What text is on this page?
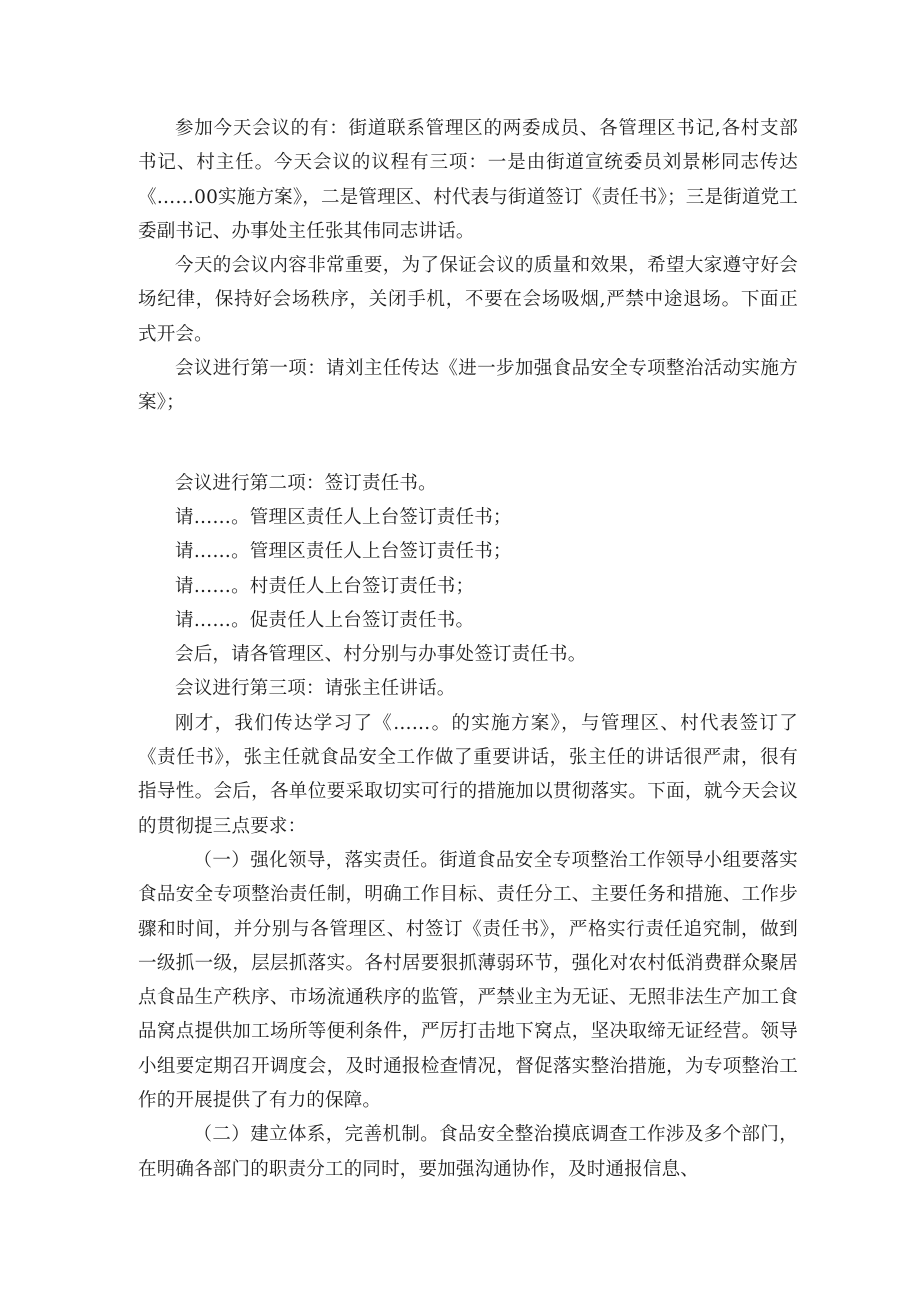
参加今天会议的有：街道联系管理区的两委成员、各管理区书记,各村支部书记、村主任。今天会议的议程有三项：一是由街道宣统委员刘景彬同志传达《……00实施方案》，二是管理区、村代表与街道签订《责任书》；三是街道党工委副书记、办事处主任张其伟同志讲话。

今天的会议内容非常重要，为了保证会议的质量和效果，希望大家遵守好会场纪律，保持好会场秩序，关闭手机，不要在会场吸烟,严禁中途退场。下面正式开会。

会议进行第一项：请刘主任传达《进一步加强食品安全专项整治活动实施方案》；

会议进行第二项：签订责任书。

请……。管理区责任人上台签订责任书；

请……。管理区责任人上台签订责任书；

请……。村责任人上台签订责任书；

请……。促责任人上台签订责任书。

会后，请各管理区、村分别与办事处签订责任书。

会议进行第三项：请张主任讲话。

刚才，我们传达学习了《……。的实施方案》，与管理区、村代表签订了《责任书》，张主任就食品安全工作做了重要讲话，张主任的讲话很严肃，很有指导性。会后，各单位要采取切实可行的措施加以贯彻落实。下面，就今天会议的贯彻提三点要求：

（一）强化领导，落实责任。街道食品安全专项整治工作领导小组要落实食品安全专项整治责任制，明确工作目标、责任分工、主要任务和措施、工作步骤和时间，并分别与各管理区、村签订《责任书》，严格实行责任追究制，做到一级抓一级，层层抓落实。各村居要狠抓薄弱环节，强化对农村低消费群众聚居点食品生产秩序、市场流通秩序的监管，严禁业主为无证、无照非法生产加工食品窝点提供加工场所等便利条件，严厉打击地下窝点，坚决取缔无证经营。领导小组要定期召开调度会，及时通报检查情况，督促落实整治措施，为专项整治工作的开展提供了有力的保障。

（二）建立体系，完善机制。食品安全整治摸底调查工作涉及多个部门，在明确各部门的职责分工的同时，要加强沟通协作，及时通报信息、
